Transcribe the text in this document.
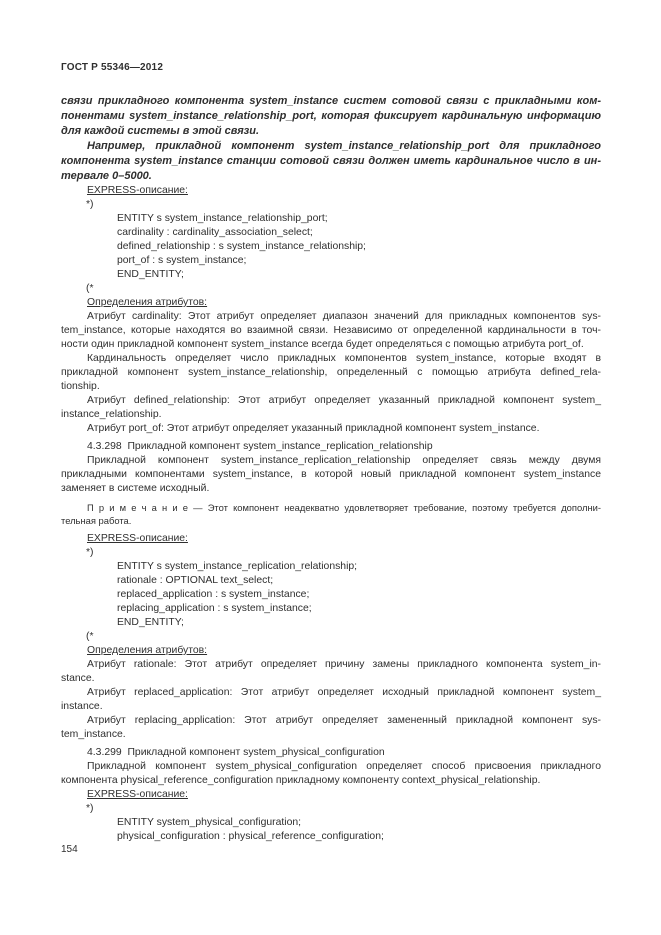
ГОСТ Р 55346—2012
связи прикладного компонента system_instance систем сотовой связи с прикладными ком-
понентами system_instance_relationship_port, которая фиксирует кардинальную информацию
для каждой системы в этой связи.
Например, прикладной компонент system_instance_relationship_port для прикладного
компонента system_instance станции сотовой связи должен иметь кардинальное число в ин-
тервале 0–5000.
EXPRESS-описание:
*)
ENTITY s system_instance_relationship_port;
cardinality : cardinality_association_select;
defined_relationship : s system_instance_relationship;
port_of : s system_instance;
END_ENTITY;
(*
Определения атрибутов:
Атрибут cardinality: Этот атрибут определяет диапазон значений для прикладных компонентов sys-
tem_instance, которые находятся во взаимной связи. Независимо от определенной кардинальности в точ-
ности один прикладной компонент system_instance всегда будет определяться с помощью атрибута port_of.
Кардинальность определяет число прикладных компонентов system_instance, которые входят в
прикладной компонент system_instance_relationship, определенный с помощью атрибута defined_rela-
tionship.
Атрибут defined_relationship: Этот атрибут определяет указанный прикладной компонент system_
instance_relationship.
Атрибут port_of: Этот атрибут определяет указанный прикладной компонент system_instance.
4.3.298  Прикладной компонент system_instance_replication_relationship
Прикладной компонент system_instance_replication_relationship определяет связь между двумя
прикладными компонентами system_instance, в которой новый прикладной компонент system_instance
заменяет в системе исходный.
П р и м е ч а н и е — Этот компонент неадекватно удовлетворяет требование, поэтому требуется дополни-
тельная работа.
EXPRESS-описание:
*)
ENTITY s system_instance_replication_relationship;
rationale : OPTIONAL text_select;
replaced_application : s system_instance;
replacing_application : s system_instance;
END_ENTITY;
(*
Определения атрибутов:
Атрибут rationale: Этот атрибут определяет причину замены прикладного компонента system_in-
stance.
Атрибут replaced_application: Этот атрибут определяет исходный прикладной компонент system_
instance.
Атрибут replacing_application: Этот атрибут определяет замененный прикладной компонент sys-
tem_instance.
4.3.299  Прикладной компонент system_physical_configuration
Прикладной компонент system_physical_configuration определяет способ присвоения прикладного
компонента physical_reference_configuration прикладному компоненту context_physical_relationship.
EXPRESS-описание:
*)
ENTITY system_physical_configuration;
physical_configuration : physical_reference_configuration;
154
